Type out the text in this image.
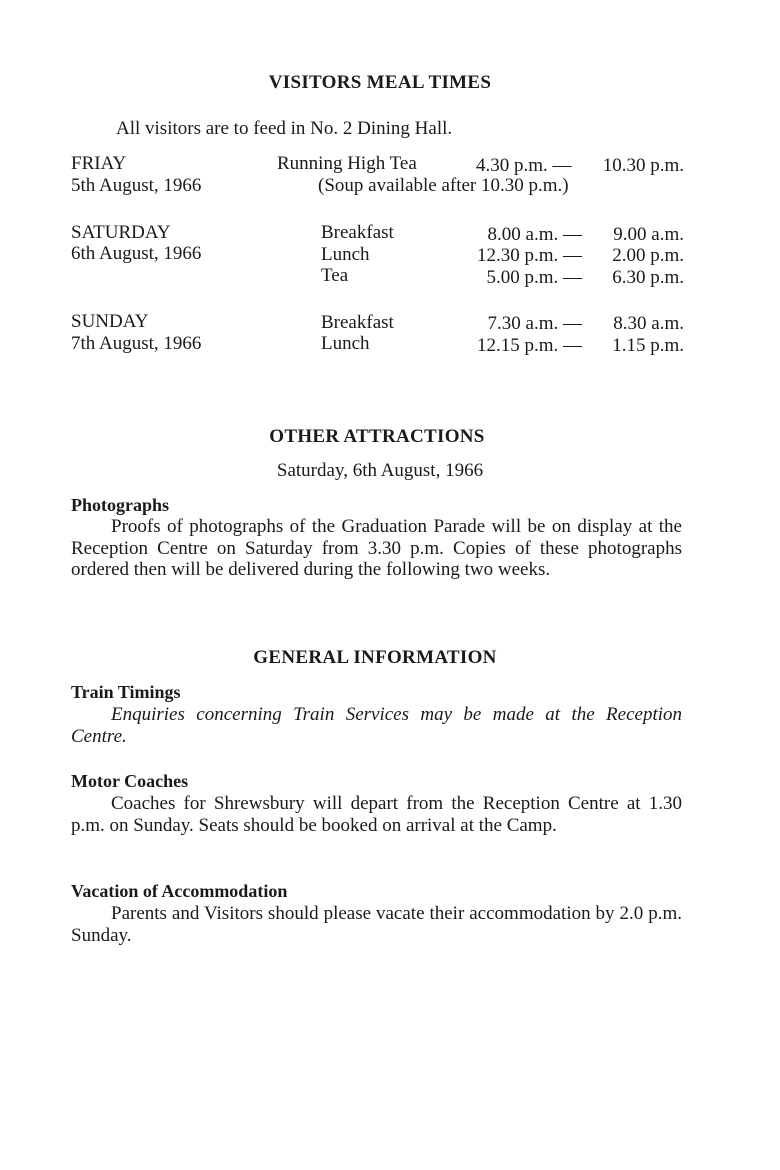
VISITORS MEAL TIMES
All visitors are to feed in No. 2 Dining Hall.
FRIAY
5th August, 1966
Running High Tea	4.30 p.m. —	10.30 p.m.
(Soup available after 10.30 p.m.)
SATURDAY
6th August, 1966
Breakfast	8.00 a.m. —	9.00 a.m.
Lunch	12.30 p.m. —	2.00 p.m.
Tea	5.00 p.m. —	6.30 p.m.
SUNDAY
7th August, 1966
Breakfast	7.30 a.m. —	8.30 a.m.
Lunch	12.15 p.m. —	1.15 p.m.
OTHER ATTRACTIONS
Saturday, 6th August, 1966
Photographs
Proofs of photographs of the Graduation Parade will be on display at the Reception Centre on Saturday from 3.30 p.m. Copies of these photographs ordered then will be delivered during the following two weeks.
GENERAL INFORMATION
Train Timings
Enquiries concerning Train Services may be made at the Reception Centre.
Motor Coaches
Coaches for Shrewsbury will depart from the Reception Centre at 1.30 p.m. on Sunday. Seats should be booked on arrival at the Camp.
Vacation of Accommodation
Parents and Visitors should please vacate their accommodation by 2.0 p.m. Sunday.
